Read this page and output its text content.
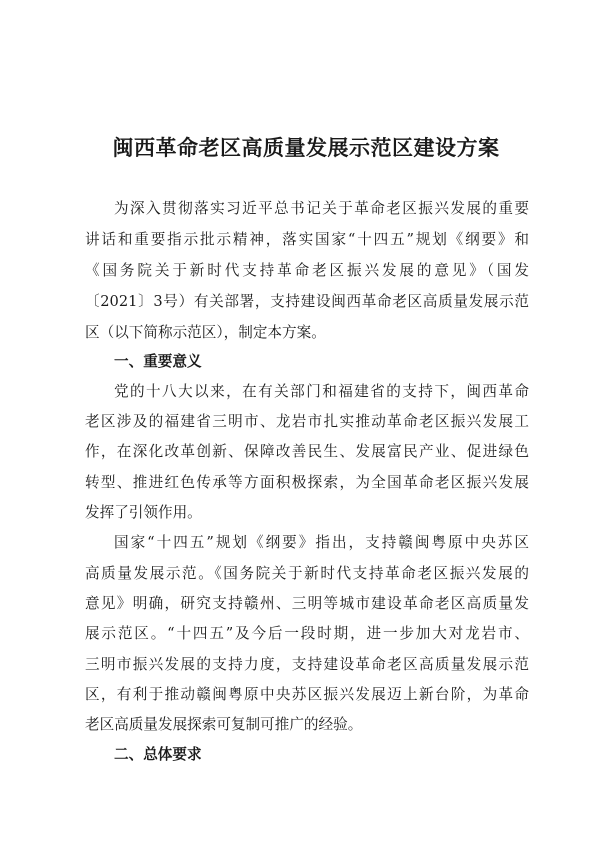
闽西革命老区高质量发展示范区建设方案

为深入贯彻落实习近平总书记关于革命老区振兴发展的重要

讲话和重要指示批示精神，落实国家“十四五”规划《纲要》和

《国务院关于新时代支持革命老区振兴发展的意见》（国发

〔2021〕3号）有关部署，支持建设闽西革命老区高质量发展示范

区（以下简称示范区），制定本方案。

一、重要意义

党的十八大以来，在有关部门和福建省的支持下，闽西革命

老区涉及的福建省三明市、龙岩市扎实推动革命老区振兴发展工

作，在深化改革创新、保障改善民生、发展富民产业、促进绿色

转型、推进红色传承等方面积极探索，为全国革命老区振兴发展

发挥了引领作用。

国家“十四五”规划《纲要》指出，支持赣闽粤原中央苏区

高质量发展示范。《国务院关于新时代支持革命老区振兴发展的

意见》明确，研究支持赣州、三明等城市建设革命老区高质量发

展示范区。“十四五”及今后一段时期，进一步加大对龙岩市、

三明市振兴发展的支持力度，支持建设革命老区高质量发展示范

区，有利于推动赣闽粤原中央苏区振兴发展迈上新台阶，为革命

老区高质量发展探索可复制可推广的经验。

二、总体要求
